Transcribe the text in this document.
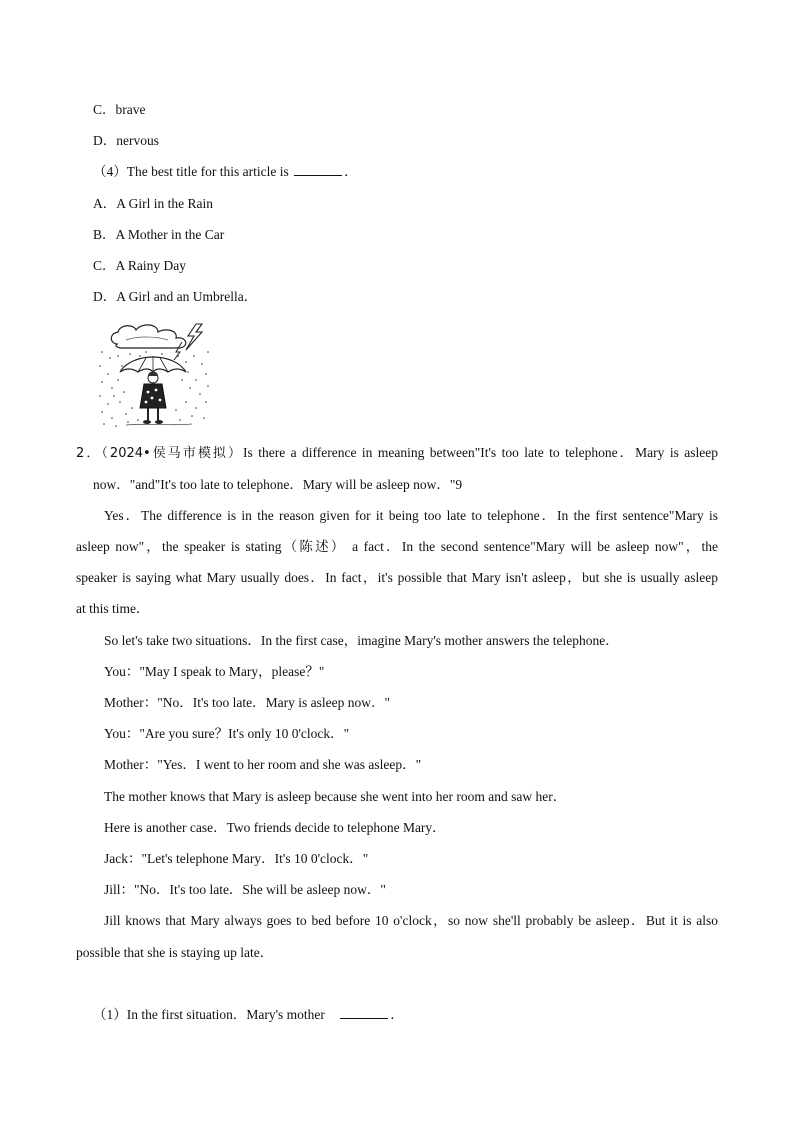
C．brave
D．nervous
（4）The best title for this article is	．
A．A Girl in the Rain
B．A Mother in the Car
C．A Rainy Day
D．A Girl and an Umbrella．
2．（2024•侯马市模拟）Is there a difference in meaning between"It's too late to telephone．Mary is asleep
now．"and"It's too late to telephone．Mary will be asleep now．"9
Yes．The difference is in the reason given for it being too late to telephone．In the first sentence"Mary is
asleep now"，the speaker is stating（陈述） a fact．In the second sentence"Mary will be asleep now"，the
speaker is saying what Mary usually does．In fact，it's possible that Mary isn't asleep，but she is usually asleep
at this time．
So let's take two situations．In the first case，imagine Mary's mother answers the telephone．
You："May I speak to Mary，please？"
Mother："No．It's too late．Mary is asleep now．"
You："Are you sure？It's only 10 0'clock．"
Mother："Yes．I went to her room and she was asleep．"
The mother knows that Mary is asleep because she went into her room and saw her．
Here is another case．Two friends decide to telephone Mary．
Jack："Let's telephone Mary．It's 10 0'clock．"
Jill："No．It's too late．She will be asleep now．"
Jill knows that Mary always goes to bed before 10 o'clock，so now she'll probably be asleep．But it is also
possible that she is staying up late．
（1）In the first situation．Mary's mother	．
